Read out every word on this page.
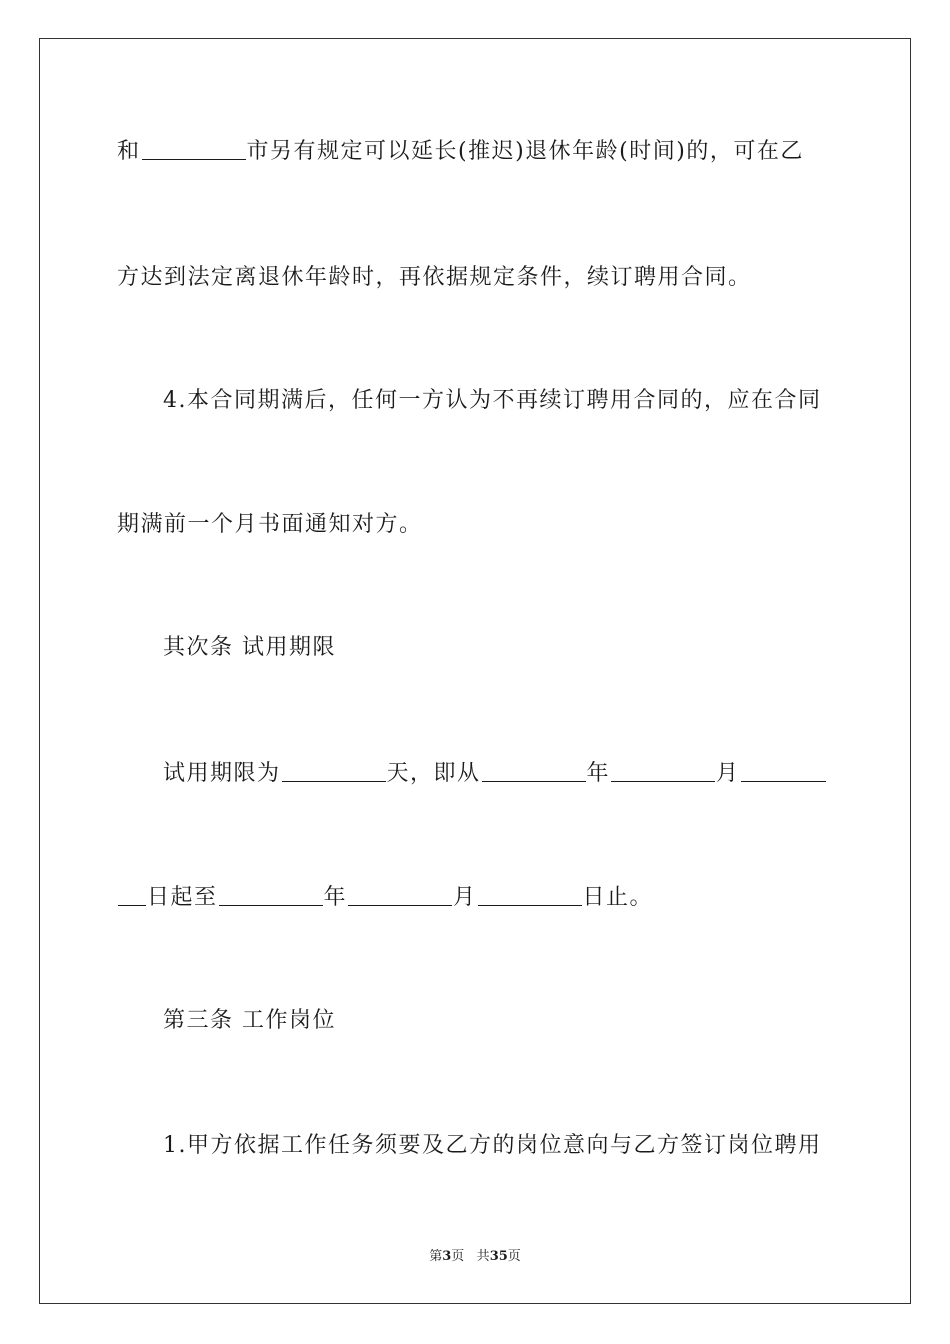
和	市另有规定可以延长(推迟)退休年龄(时间)的，可在乙
方达到法定离退休年龄时，再依据规定条件，续订聘用合同。
4.本合同期满后，任何一方认为不再续订聘用合同的，应在合同
期满前一个月书面通知对方。
其次条 试用期限
试用期限为	天，即从	年	月
日起至	年	月	日止。
第三条 工作岗位
1.甲方依据工作任务须要及乙方的岗位意向与乙方签订岗位聘用
第3页 共35页
